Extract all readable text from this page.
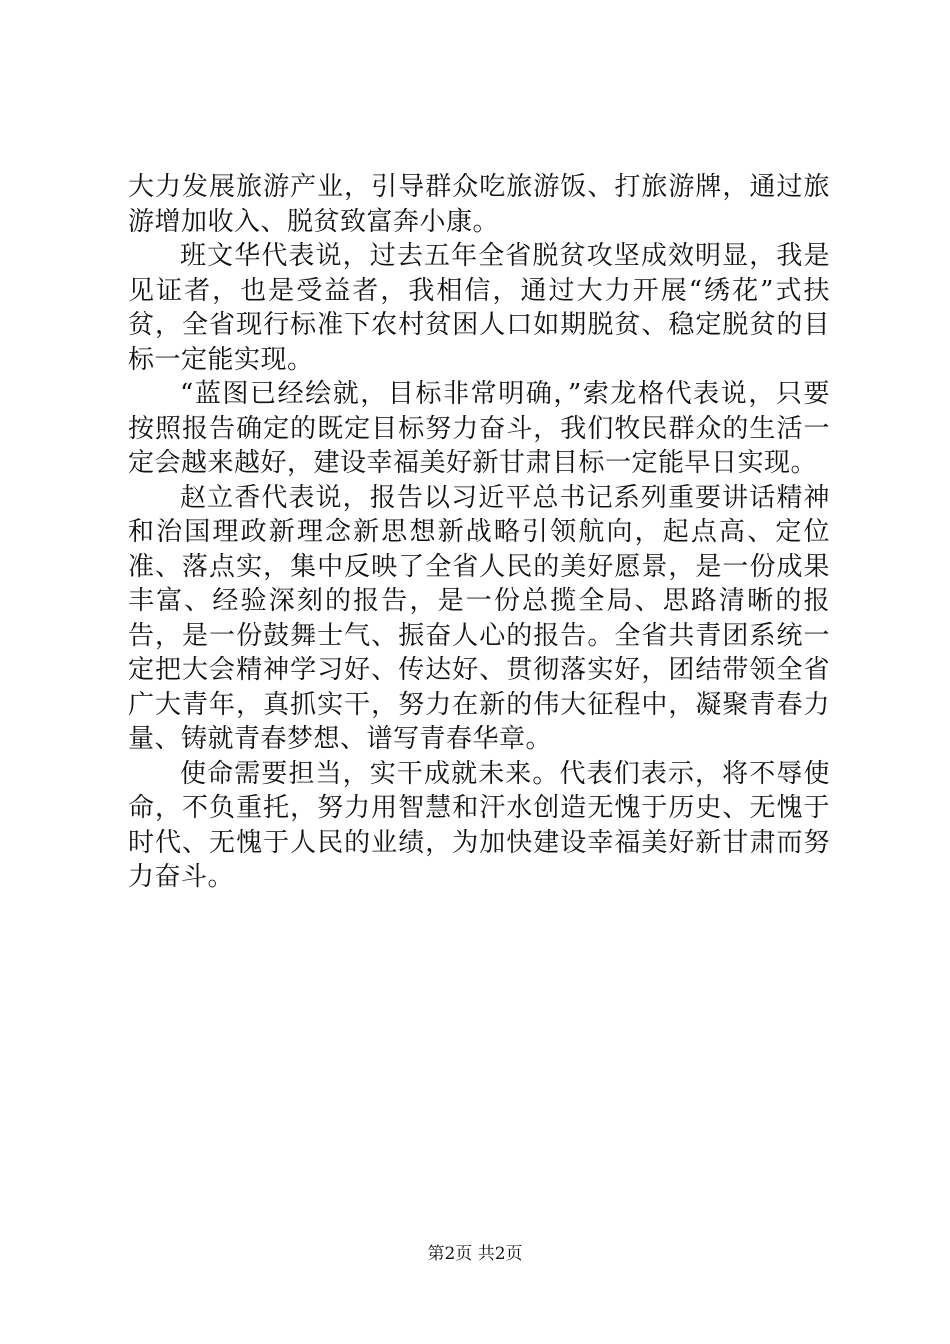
大力发展旅游产业，引导群众吃旅游饭、打旅游牌，通过旅游增加收入、脱贫致富奔小康。

班文华代表说，过去五年全省脱贫攻坚成效明显，我是见证者，也是受益者，我相信，通过大力开展“绣花”式扶贫，全省现行标准下农村贫困人口如期脱贫、稳定脱贫的目标一定能实现。

“蓝图已经绘就，目标非常明确，”索龙格代表说，只要按照报告确定的既定目标努力奋斗，我们牧民群众的生活一定会越来越好，建设幸福美好新甘肃目标一定能早日实现。

赵立香代表说，报告以习近平总书记系列重要讲话精神和治国理政新理念新思想新战略引领航向，起点高、定位准、落点实，集中反映了全省人民的美好愿景，是一份成果丰富、经验深刻的报告，是一份总揽全局、思路清晰的报告，是一份鼓舞士气、振奋人心的报告。全省共青团系统一定把大会精神学习好、传达好、贯彻落实好，团结带领全省广大青年，真抓实干，努力在新的伟大征程中，凝聚青春力量、铸就青春梦想、谱写青春华章。

使命需要担当，实干成就未来。代表们表示，将不辱使命，不负重托，努力用智慧和汗水创造无愧于历史、无愧于时代、无愧于人民的业绩，为加快建设幸福美好新甘肃而努力奋斗。

第2页 共2页
